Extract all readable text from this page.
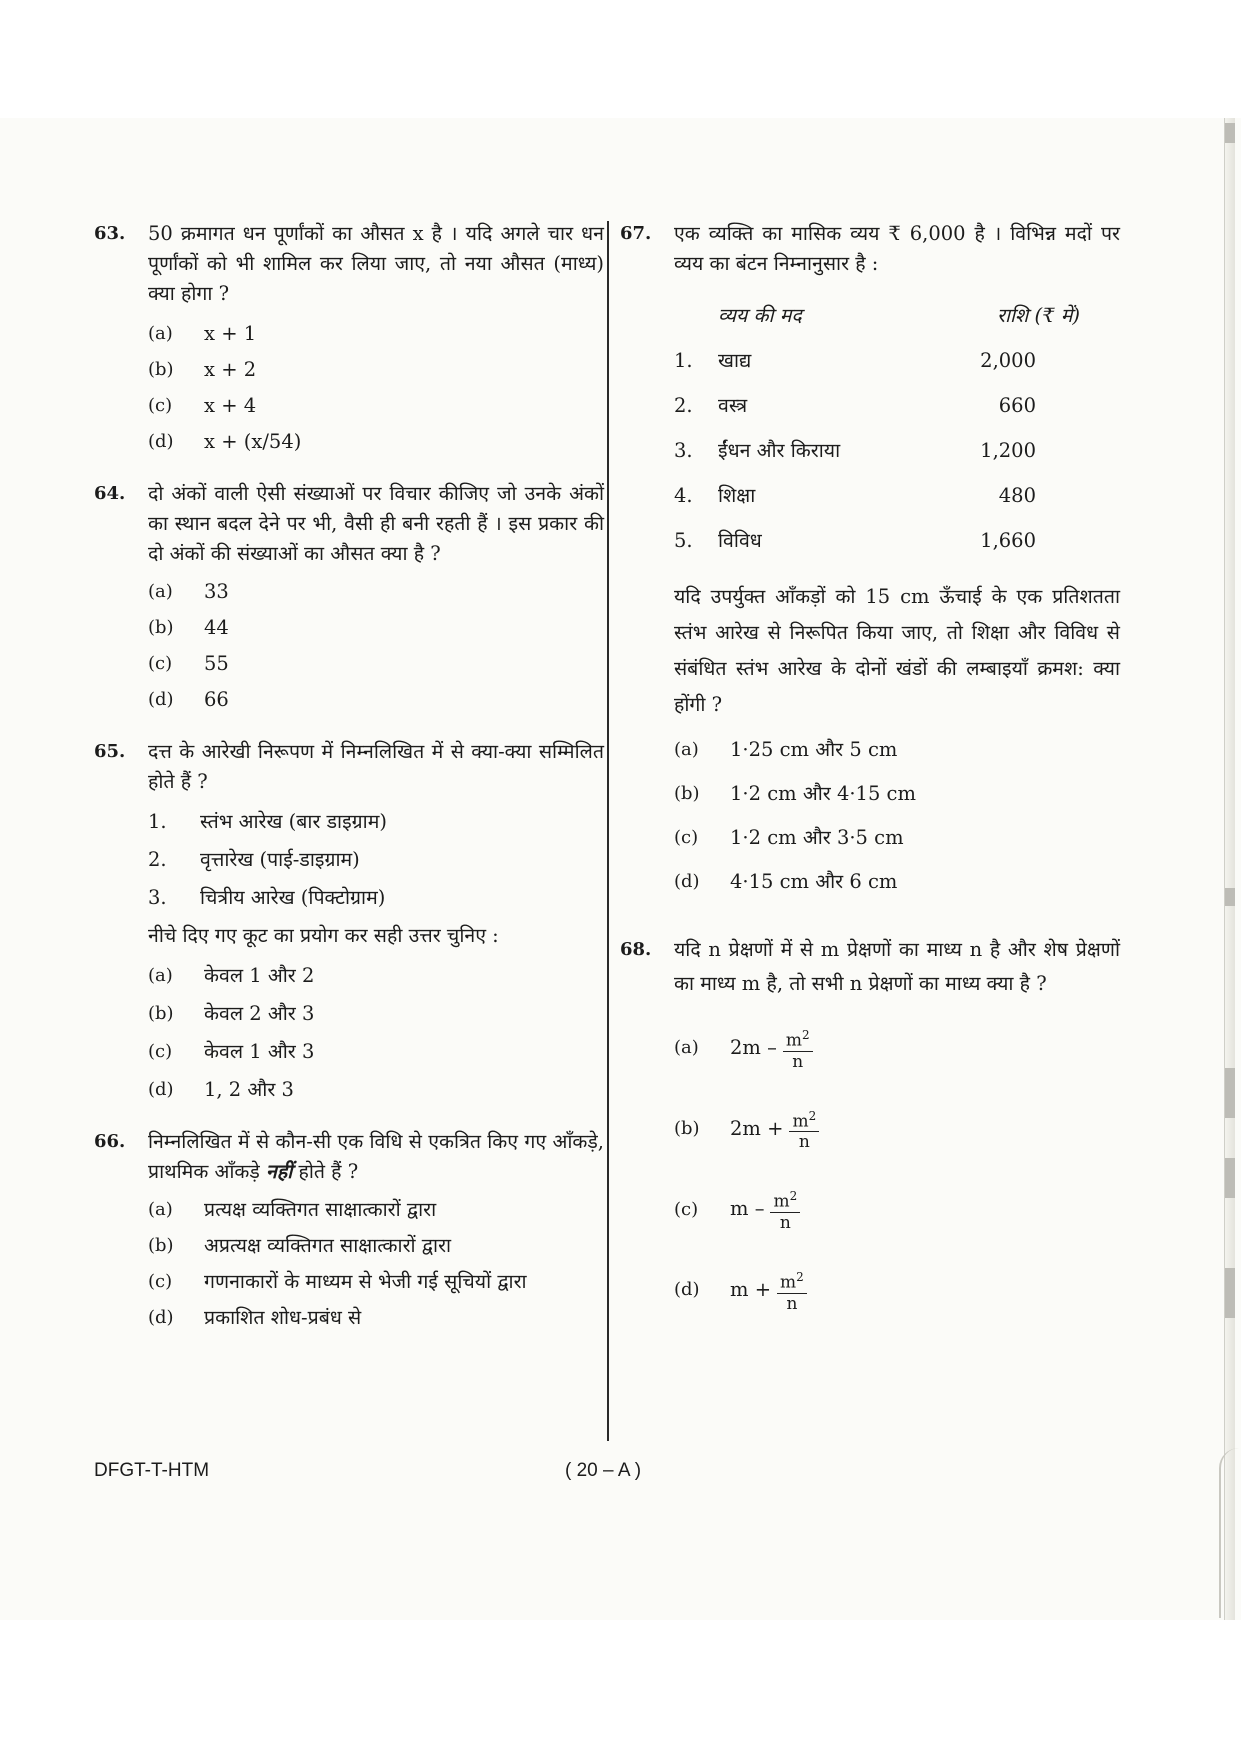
63.	50 क्रमागत धन पूर्णांकों का औसत x है । यदि अगले चार धन पूर्णांकों को भी शामिल कर लिया जाए, तो नया औसत (माध्य) क्या होगा ?
(a)	x + 1
(b)	x + 2
(c)	x + 4
(d)	x + (x/54)
64.	दो अंकों वाली ऐसी संख्याओं पर विचार कीजिए जो उनके अंकों का स्थान बदल देने पर भी, वैसी ही बनी रहती हैं । इस प्रकार की दो अंकों की संख्याओं का औसत क्या है ?
(a)	33
(b)	44
(c)	55
(d)	66
65.	दत्त के आरेखी निरूपण में निम्नलिखित में से क्या-क्या सम्मिलित होते हैं ?
1.	स्तंभ आरेख (बार डाइग्राम)
2.	वृत्तारेख (पाई-डाइग्राम)
3.	चित्रीय आरेख (पिक्टोग्राम)
नीचे दिए गए कूट का प्रयोग कर सही उत्तर चुनिए :
(a)	केवल 1 और 2
(b)	केवल 2 और 3
(c)	केवल 1 और 3
(d)	1, 2 और 3
66.	निम्नलिखित में से कौन-सी एक विधि से एकत्रित किए गए आँकड़े, प्राथमिक आँकड़े नहीं होते हैं ?
(a)	प्रत्यक्ष व्यक्तिगत साक्षात्कारों द्वारा
(b)	अप्रत्यक्ष व्यक्तिगत साक्षात्कारों द्वारा
(c)	गणनाकारों के माध्यम से भेजी गई सूचियों द्वारा
(d)	प्रकाशित शोध-प्रबंध से
67.	एक व्यक्ति का मासिक व्यय ₹ 6,000 है । विभिन्न मदों पर व्यय का बंटन निम्नानुसार है :
व्यय की मद	राशि (₹ में)
1.	खाद्य	2,000
2.	वस्त्र	660
3.	ईंधन और किराया	1,200
4.	शिक्षा	480
5.	विविध	1,660
यदि उपर्युक्त आँकड़ों को 15 cm ऊँचाई के एक प्रतिशतता स्तंभ आरेख से निरूपित किया जाए, तो शिक्षा और विविध से संबंधित स्तंभ आरेख के दोनों खंडों की लम्बाइयाँ क्रमश: क्या होंगी ?
(a)	1·25 cm और 5 cm
(b)	1·2 cm और 4·15 cm
(c)	1·2 cm और 3·5 cm
(d)	4·15 cm और 6 cm
68.	यदि n प्रेक्षणों में से m प्रेक्षणों का माध्य n है और शेष प्रेक्षणों का माध्य m है, तो सभी n प्रेक्षणों का माध्य क्या है ?
(a)	$2m - \frac{m^2}{n}$
(b)	$2m + \frac{m^2}{n}$
(c)	m – $\frac{m^2}{n}$
(d)	$m + \frac{m^2}{n}$
DFGT-T-HTM	( 20 – A )
